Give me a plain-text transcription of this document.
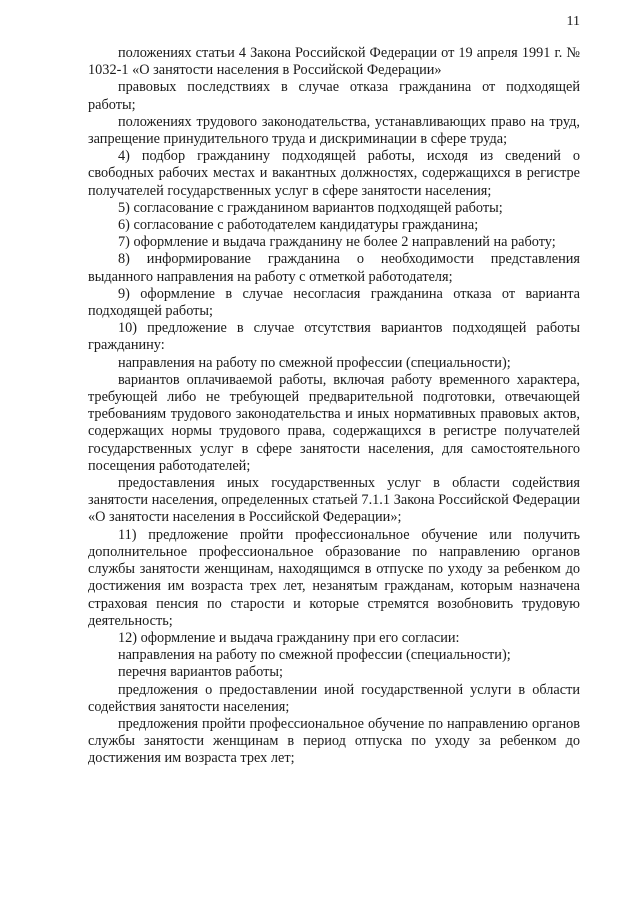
11

положениях статьи 4 Закона Российской Федерации от 19 апреля 1991 г. № 1032-1 «О занятости населения в Российской Федерации»

правовых последствиях в случае отказа гражданина от подходящей работы;

положениях трудового законодательства, устанавливающих право на труд, запрещение принудительного труда и дискриминации в сфере труда;

4) подбор гражданину подходящей работы, исходя из сведений о свободных рабочих местах и вакантных должностях, содержащихся в регистре получателей государственных услуг в сфере занятости населения;

5) согласование с гражданином вариантов подходящей работы;

6) согласование с работодателем кандидатуры гражданина;

7) оформление и выдача гражданину не более 2 направлений на работу;

8) информирование гражданина о необходимости представления выданного направления на работу с отметкой работодателя;

9) оформление в случае несогласия гражданина отказа от варианта подходящей работы;

10) предложение в случае отсутствия вариантов подходящей работы гражданину:

направления на работу по смежной профессии (специальности);

вариантов оплачиваемой работы, включая работу временного характера, требующей либо не требующей предварительной подготовки, отвечающей требованиям трудового законодательства и иных нормативных правовых актов, содержащих нормы трудового права, содержащихся в регистре получателей государственных услуг в сфере занятости населения, для самостоятельного посещения работодателей;

предоставления иных государственных услуг в области содействия занятости населения, определенных статьей 7.1.1 Закона Российской Федерации «О занятости населения в Российской Федерации»;

11) предложение пройти профессиональное обучение или получить дополнительное профессиональное образование по направлению органов службы занятости женщинам, находящимся в отпуске по уходу за ребенком до достижения им возраста трех лет, незанятым гражданам, которым назначена страховая пенсия по старости и которые стремятся возобновить трудовую деятельность;

12) оформление и выдача гражданину при его согласии:

направления на работу по смежной профессии (специальности);

перечня вариантов работы;

предложения о предоставлении иной государственной услуги в области содействия занятости населения;

предложения пройти профессиональное обучение по направлению органов службы занятости женщинам в период отпуска по уходу за ребенком до достижения им возраста трех лет;
